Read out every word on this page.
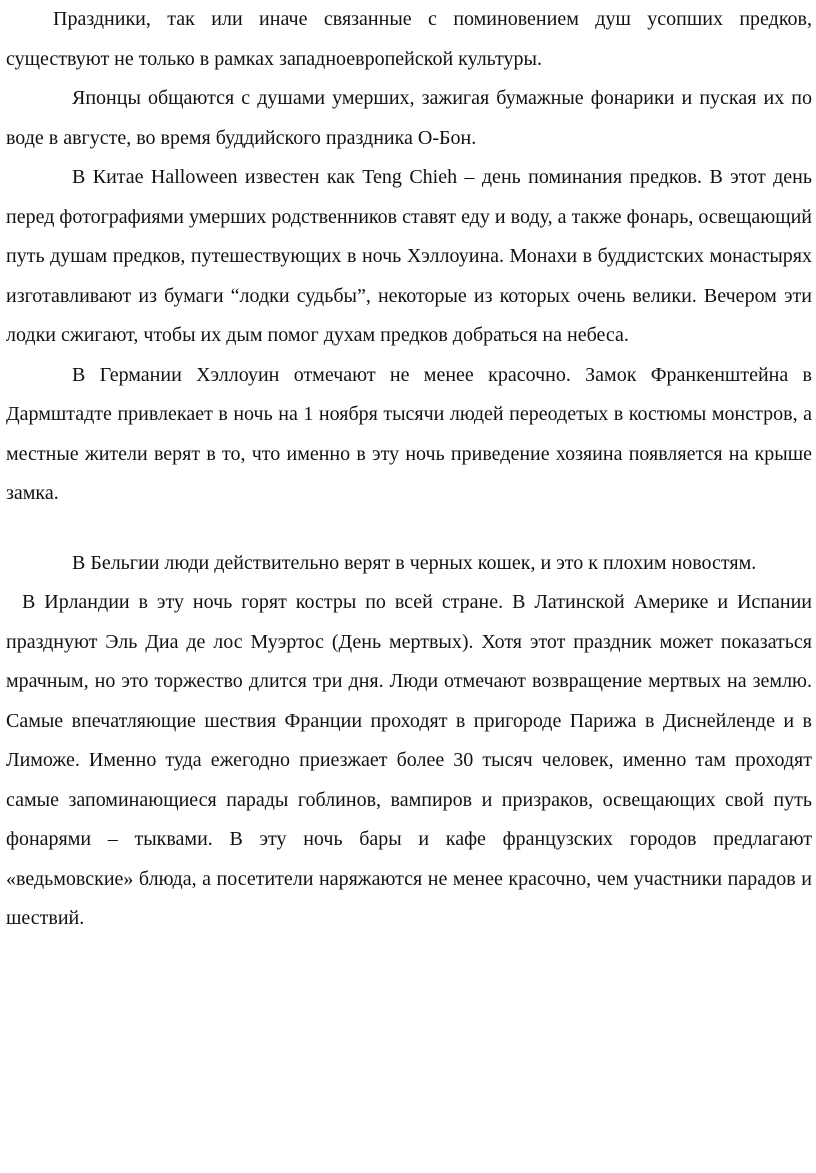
Праздники, так или иначе связанные с поминовением душ усопших предков, существуют не только в рамках западноевропейской культуры.

Японцы общаются с душами умерших, зажигая бумажные фонарики и пуская их по воде в августе, во время буддийского праздника О-Бон.

В Китае Halloween известен как Teng Chieh – день поминания предков. В этот день перед фотографиями умерших родственников ставят еду и воду, а также фонарь, освещающий путь душам предков, путешествующих в ночь Хэллоуина. Монахи в буддистских монастырях изготавливают из бумаги “лодки судьбы”, некоторые из которых очень велики. Вечером эти лодки сжигают, чтобы их дым помог духам предков добраться на небеса.

В Германии Хэллоуин отмечают не менее красочно. Замок Франкенштейна в Дармштадте привлекает в ночь на 1 ноября тысячи людей переодетых в костюмы монстров, а местные жители верят в то, что именно в эту ночь приведение хозяина появляется на крыше замка.

В Бельгии люди действительно верят в черных кошек, и это к плохим новостям.

В Ирландии в эту ночь горят костры по всей стране. В Латинской Америке и Испании празднуют Эль Диа де лос Муэртос (День мертвых). Хотя этот праздник может показаться мрачным, но это торжество длится три дня. Люди отмечают возвращение мертвых на землю. Самые впечатляющие шествия Франции проходят в пригороде Парижа в Диснейленде и в Лиможе. Именно туда ежегодно приезжает более 30 тысяч человек, именно там проходят самые запоминающиеся парады гоблинов, вампиров и призраков, освещающих свой путь фонарями – тыквами. В эту ночь бары и кафе французских городов предлагают «ведьмовские» блюда, а посетители наряжаются не менее красочно, чем участники парадов и шествий.
